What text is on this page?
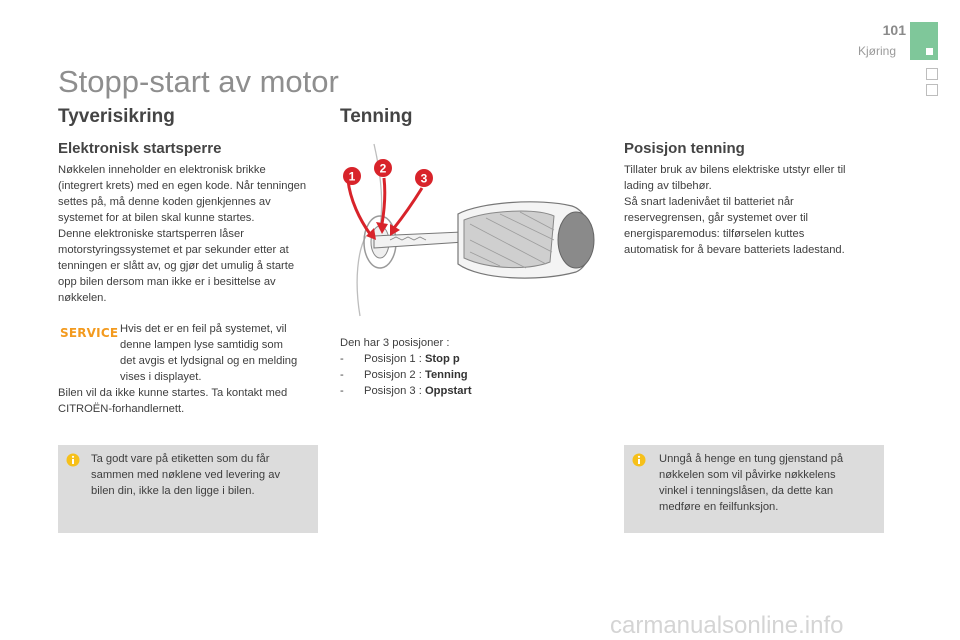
101
Kjøring
Stopp-start av motor
Tyverisikring
Elektronisk startsperre
Nøkkelen inneholder en elektronisk brikke
(integrert krets) med en egen kode. Når tenningen
settes på, må denne koden gjenkjennes av
systemet for at bilen skal kunne startes.
Denne elektroniske startsperren låser
motorstyringssystemet et par sekunder etter at
tenningen er slått av, og gjør det umulig å starte
opp bilen dersom man ikke er i besittelse av
nøkkelen.
SERVICE Hvis det er en feil på systemet, vil
denne lampen lyse samtidig som
det avgis et lydsignal og en melding
vises i displayet.
Bilen vil da ikke kunne startes. Ta kontakt med
CITROËN-forhandlernett.
Ta godt vare på etiketten som du får
sammen med nøklene ved levering av
bilen din, ikke la den ligge i bilen.
Tenning
1
2
3
Den har 3 posisjoner :
- Posisjon 1 : Stop p
- Posisjon 2 : Tenning
- Posisjon 3 : Oppstart
Posisjon tenning
Tillater bruk av bilens elektriske utstyr eller til
lading av tilbehør.
Så snart ladenivået til batteriet når
reservegrensen, går systemet over til
energisparemodus: tilførselen kuttes
automatisk for å bevare batteriets ladestand.
Unngå å henge en tung gjenstand på
nøkkelen som vil påvirke nøkkelens
vinkel i tenningslåsen, da dette kan
medføre en feilfunksjon.
carmanualsonline.info
